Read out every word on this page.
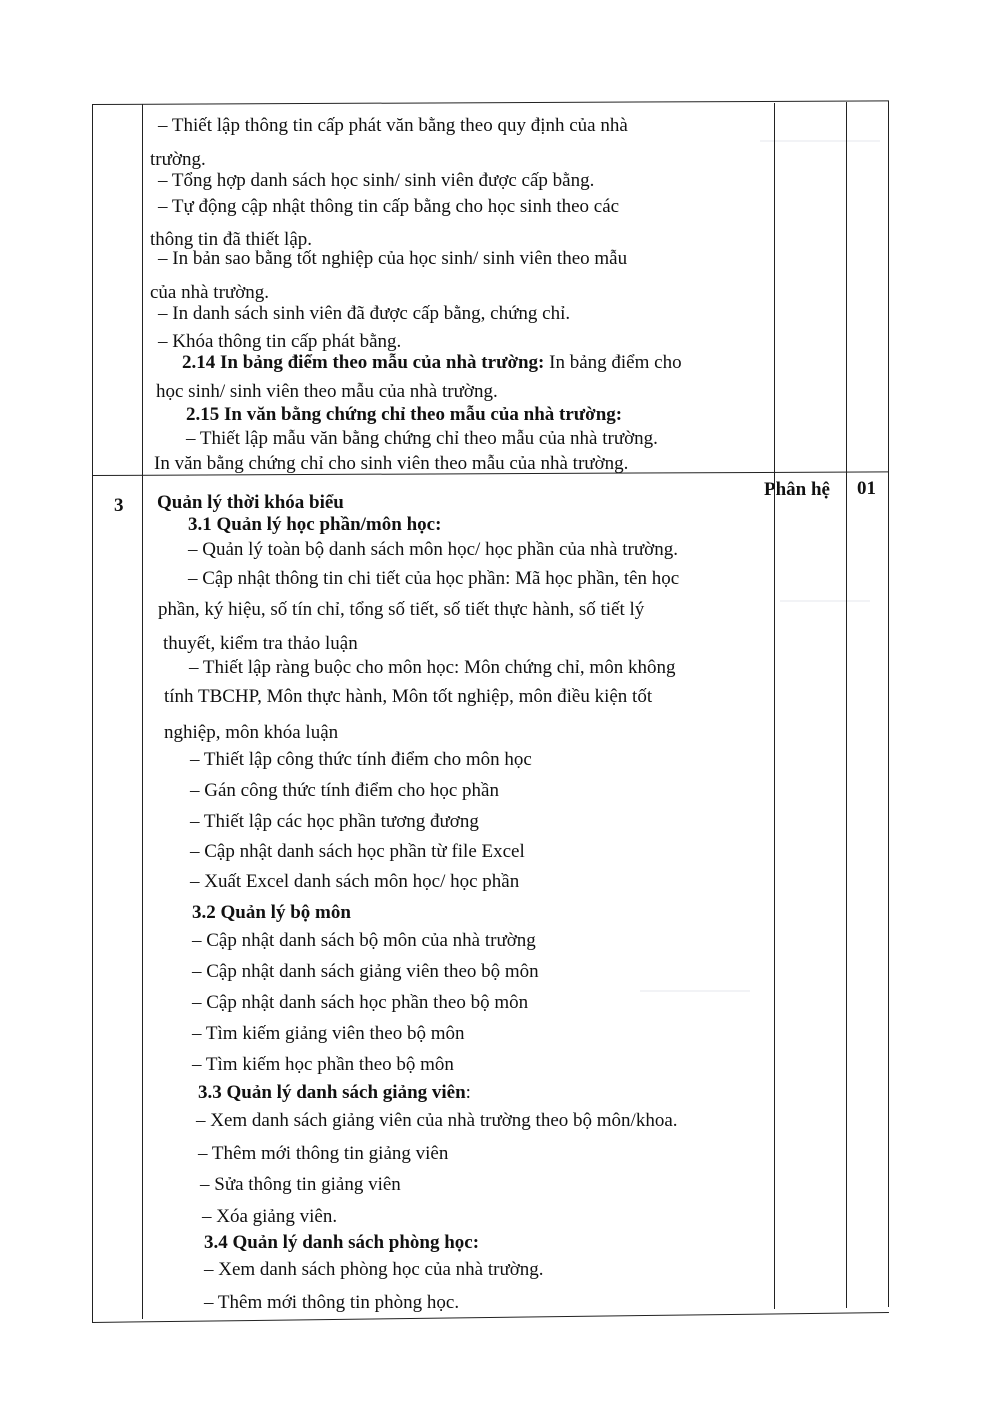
– Thiết lập thông tin cấp phát văn bằng theo quy định của nhà
trường.
– Tổng hợp danh sách học sinh/ sinh viên được cấp bằng.
– Tự động cập nhật thông tin cấp bằng cho học sinh theo các
thông tin đã thiết lập.
– In bản sao bằng tốt nghiệp của học sinh/ sinh viên theo mẫu
của nhà trường.
– In danh sách sinh viên đã được cấp bằng, chứng chỉ.
– Khóa thông tin cấp phát bằng.
2.14 In bảng điểm theo mẫu của nhà trường: In bảng điểm cho
học sinh/ sinh viên theo mẫu của nhà trường.
2.15 In văn bằng chứng chỉ theo mẫu của nhà trường:
– Thiết lập mẫu văn bằng chứng chỉ theo mẫu của nhà trường.
In văn bằng chứng chỉ cho sinh viên theo mẫu của nhà trường.
3
Phân hệ 01
Quản lý thời khóa biểu
3.1 Quản lý học phần/môn học:
– Quản lý toàn bộ danh sách môn học/ học phần của nhà trường.
– Cập nhật thông tin chi tiết của học phần: Mã học phần, tên học
phần, ký hiệu, số tín chỉ, tổng số tiết, số tiết thực hành, số tiết lý
thuyết, kiểm tra thảo luận
– Thiết lập ràng buộc cho môn học: Môn chứng chỉ, môn không
tính TBCHP, Môn thực hành, Môn tốt nghiệp, môn điều kiện tốt
nghiệp, môn khóa luận
– Thiết lập công thức tính điểm cho môn học
– Gán công thức tính điểm cho học phần
– Thiết lập các học phần tương đương
– Cập nhật danh sách học phần từ file Excel
– Xuất Excel danh sách môn học/ học phần
3.2 Quản lý bộ môn
– Cập nhật danh sách bộ môn của nhà trường
– Cập nhật danh sách giảng viên theo bộ môn
– Cập nhật danh sách học phần theo bộ môn
– Tìm kiếm giảng viên theo bộ môn
– Tìm kiếm học phần theo bộ môn
3.3 Quản lý danh sách giảng viên:
– Xem danh sách giảng viên của nhà trường theo bộ môn/khoa.
– Thêm mới thông tin giảng viên
– Sửa thông tin giảng viên
– Xóa giảng viên.
3.4 Quản lý danh sách phòng học:
– Xem danh sách phòng học của nhà trường.
– Thêm mới thông tin phòng học.
